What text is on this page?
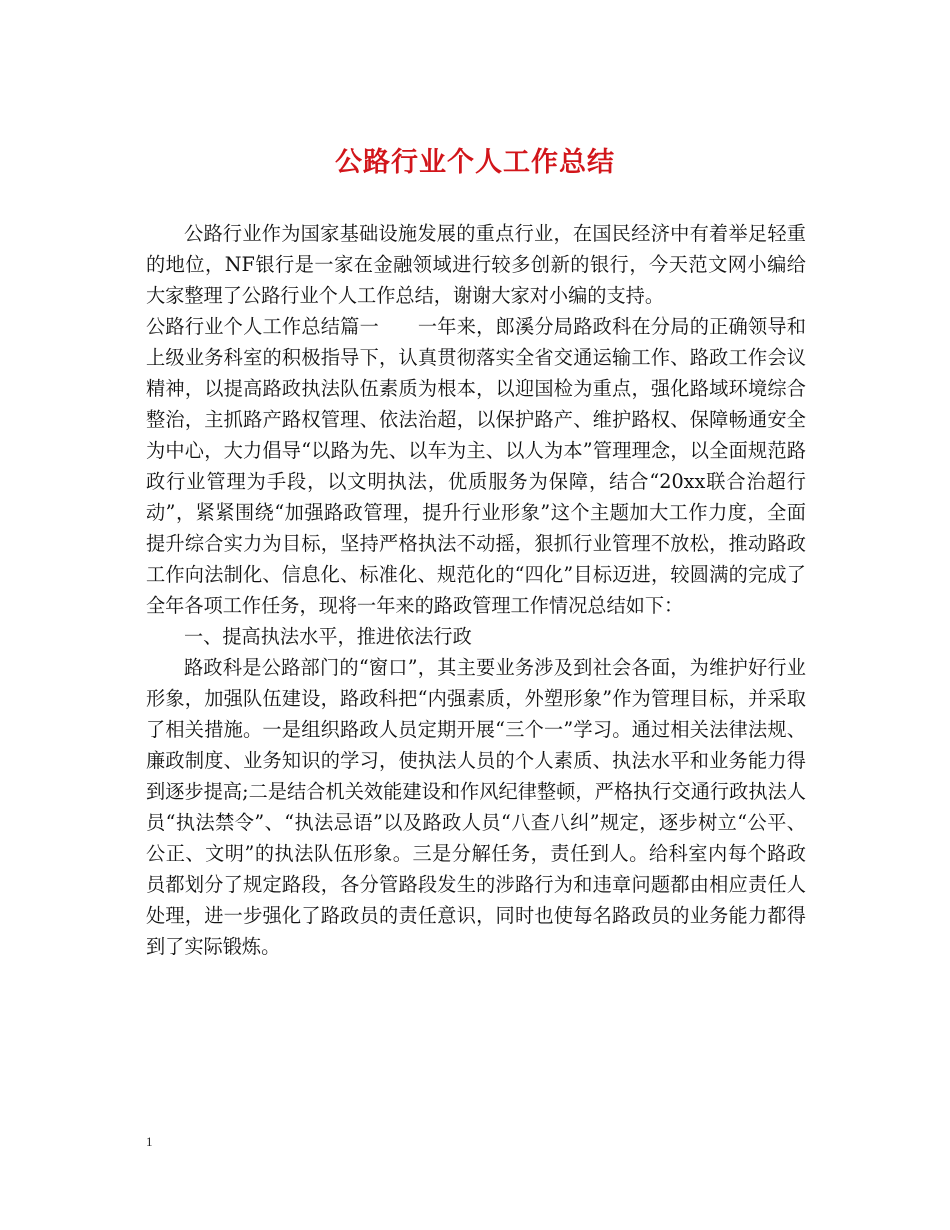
公路行业个人工作总结

公路行业作为国家基础设施发展的重点行业，在国民经济中有着举足轻重的地位，NF银行是一家在金融领域进行较多创新的银行，今天范文网小编给大家整理了公路行业个人工作总结，谢谢大家对小编的支持。

公路行业个人工作总结篇一　　一年来，郎溪分局路政科在分局的正确领导和上级业务科室的积极指导下，认真贯彻落实全省交通运输工作、路政工作会议精神，以提高路政执法队伍素质为根本，以迎国检为重点，强化路域环境综合整治，主抓路产路权管理、依法治超，以保护路产、维护路权、保障畅通安全为中心，大力倡导“以路为先、以车为主、以人为本”管理理念，以全面规范路政行业管理为手段，以文明执法，优质服务为保障，结合“20xx联合治超行动”，紧紧围绕“加强路政管理，提升行业形象”这个主题加大工作力度，全面提升综合实力为目标，坚持严格执法不动摇，狠抓行业管理不放松，推动路政工作向法制化、信息化、标准化、规范化的“四化”目标迈进，较圆满的完成了全年各项工作任务，现将一年来的路政管理工作情况总结如下：

一、提高执法水平，推进依法行政

路政科是公路部门的“窗口”，其主要业务涉及到社会各面，为维护好行业形象，加强队伍建设，路政科把“内强素质，外塑形象”作为管理目标，并采取了相关措施。一是组织路政人员定期开展“三个一”学习。通过相关法律法规、廉政制度、业务知识的学习，使执法人员的个人素质、执法水平和业务能力得到逐步提高;二是结合机关效能建设和作风纪律整顿，严格执行交通行政执法人员“执法禁令”、“执法忌语”以及路政人员“八查八纠”规定，逐步树立“公平、公正、文明”的执法队伍形象。三是分解任务，责任到人。给科室内每个路政员都划分了规定路段，各分管路段发生的涉路行为和违章问题都由相应责任人处理，进一步强化了路政员的责任意识，同时也使每名路政员的业务能力都得到了实际锻炼。

1
